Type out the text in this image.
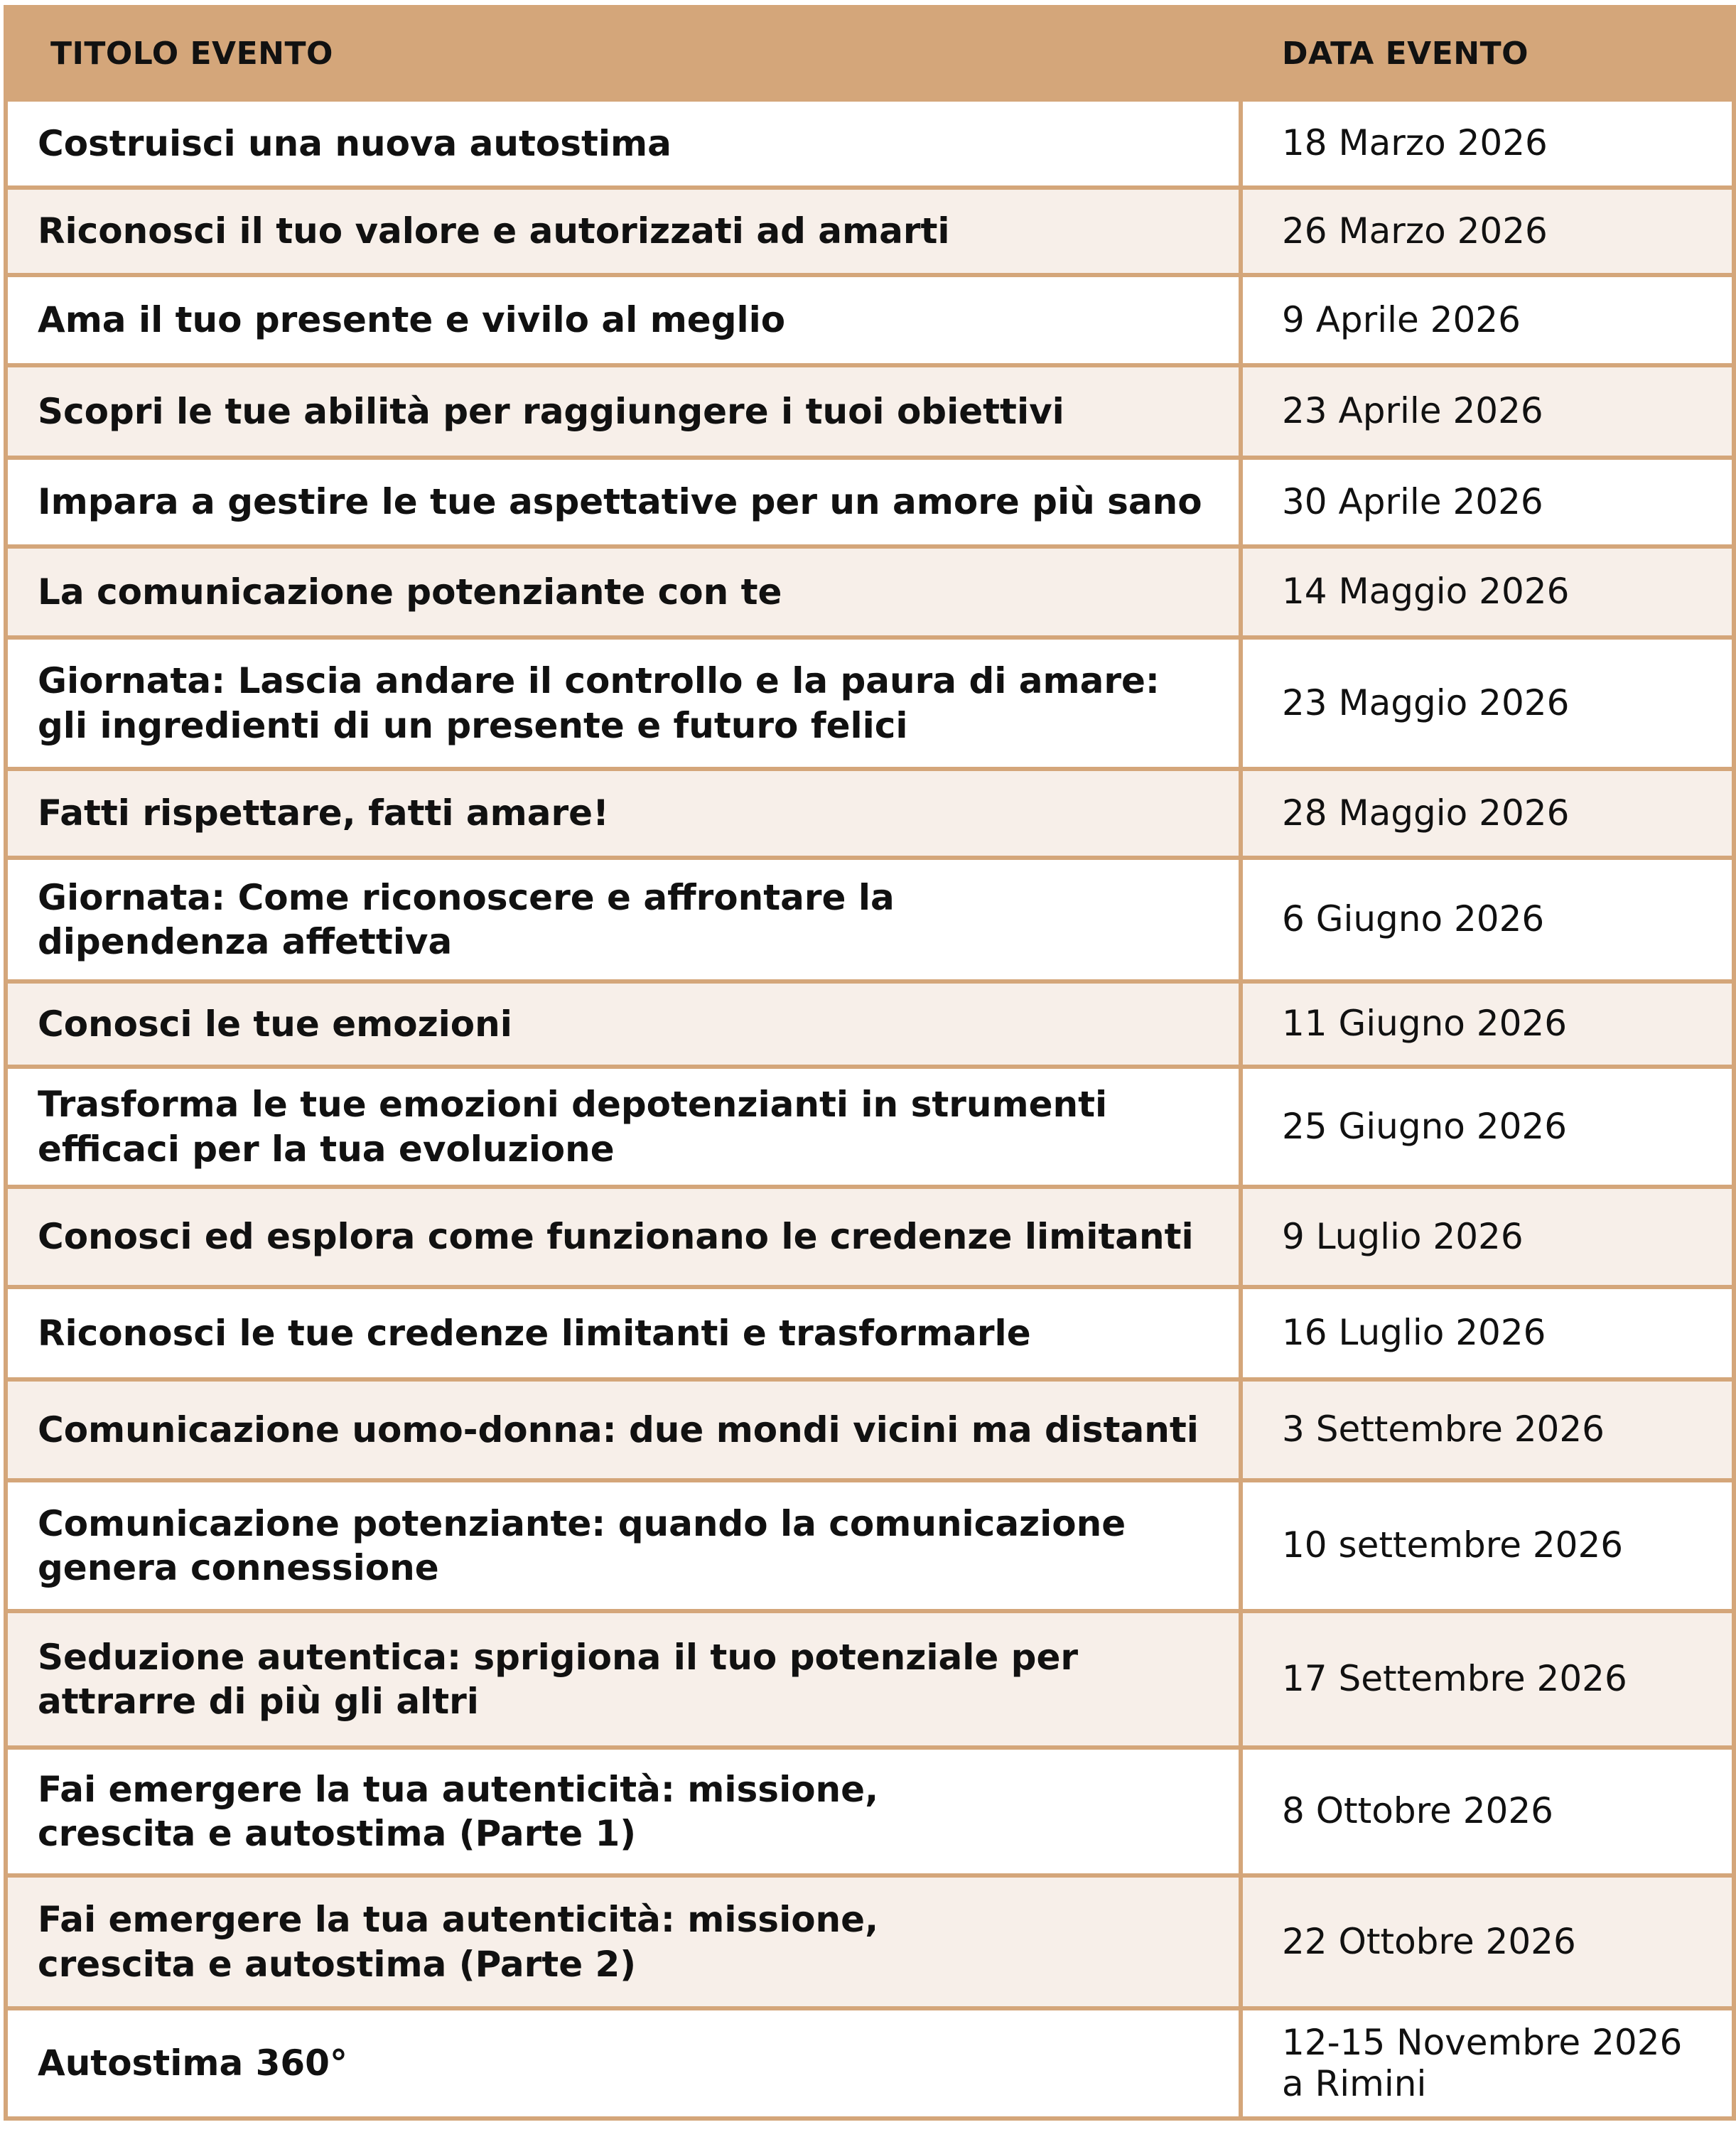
TITOLO EVENTO	DATA EVENTO
Costruisci una nuova autostima	18 Marzo 2026
Riconosci il tuo valore e autorizzati ad amarti	26 Marzo 2026
Ama il tuo presente e vivilo al meglio	9 Aprile 2026
Scopri le tue abilità per raggiungere i tuoi obiettivi	23 Aprile 2026
Impara a gestire le tue aspettative per un amore più sano	30 Aprile 2026
La comunicazione potenziante con te	14 Maggio 2026
Giornata: Lascia andare il controllo e la paura di amare:
gli ingredienti di un presente e futuro felici	23 Maggio 2026
Fatti rispettare, fatti amare!	28 Maggio 2026
Giornata: Come riconoscere e affrontare la
dipendenza affettiva	6 Giugno 2026
Conosci le tue emozioni	11 Giugno 2026
Trasforma le tue emozioni depotenzianti in strumenti
efficaci per la tua evoluzione	25 Giugno 2026
Conosci ed esplora come funzionano le credenze limitanti	9 Luglio 2026
Riconosci le tue credenze limitanti e trasformarle	16 Luglio 2026
Comunicazione uomo-donna: due mondi vicini ma distanti	3 Settembre 2026
Comunicazione potenziante: quando la comunicazione
genera connessione	10 settembre 2026
Seduzione autentica: sprigiona il tuo potenziale per
attrarre di più gli altri	17 Settembre 2026
Fai emergere la tua autenticità: missione,
crescita e autostima (Parte 1)	8 Ottobre 2026
Fai emergere la tua autenticità: missione,
crescita e autostima (Parte 2)	22 Ottobre 2026
Autostima 360°	12-15 Novembre 2026
a Rimini
